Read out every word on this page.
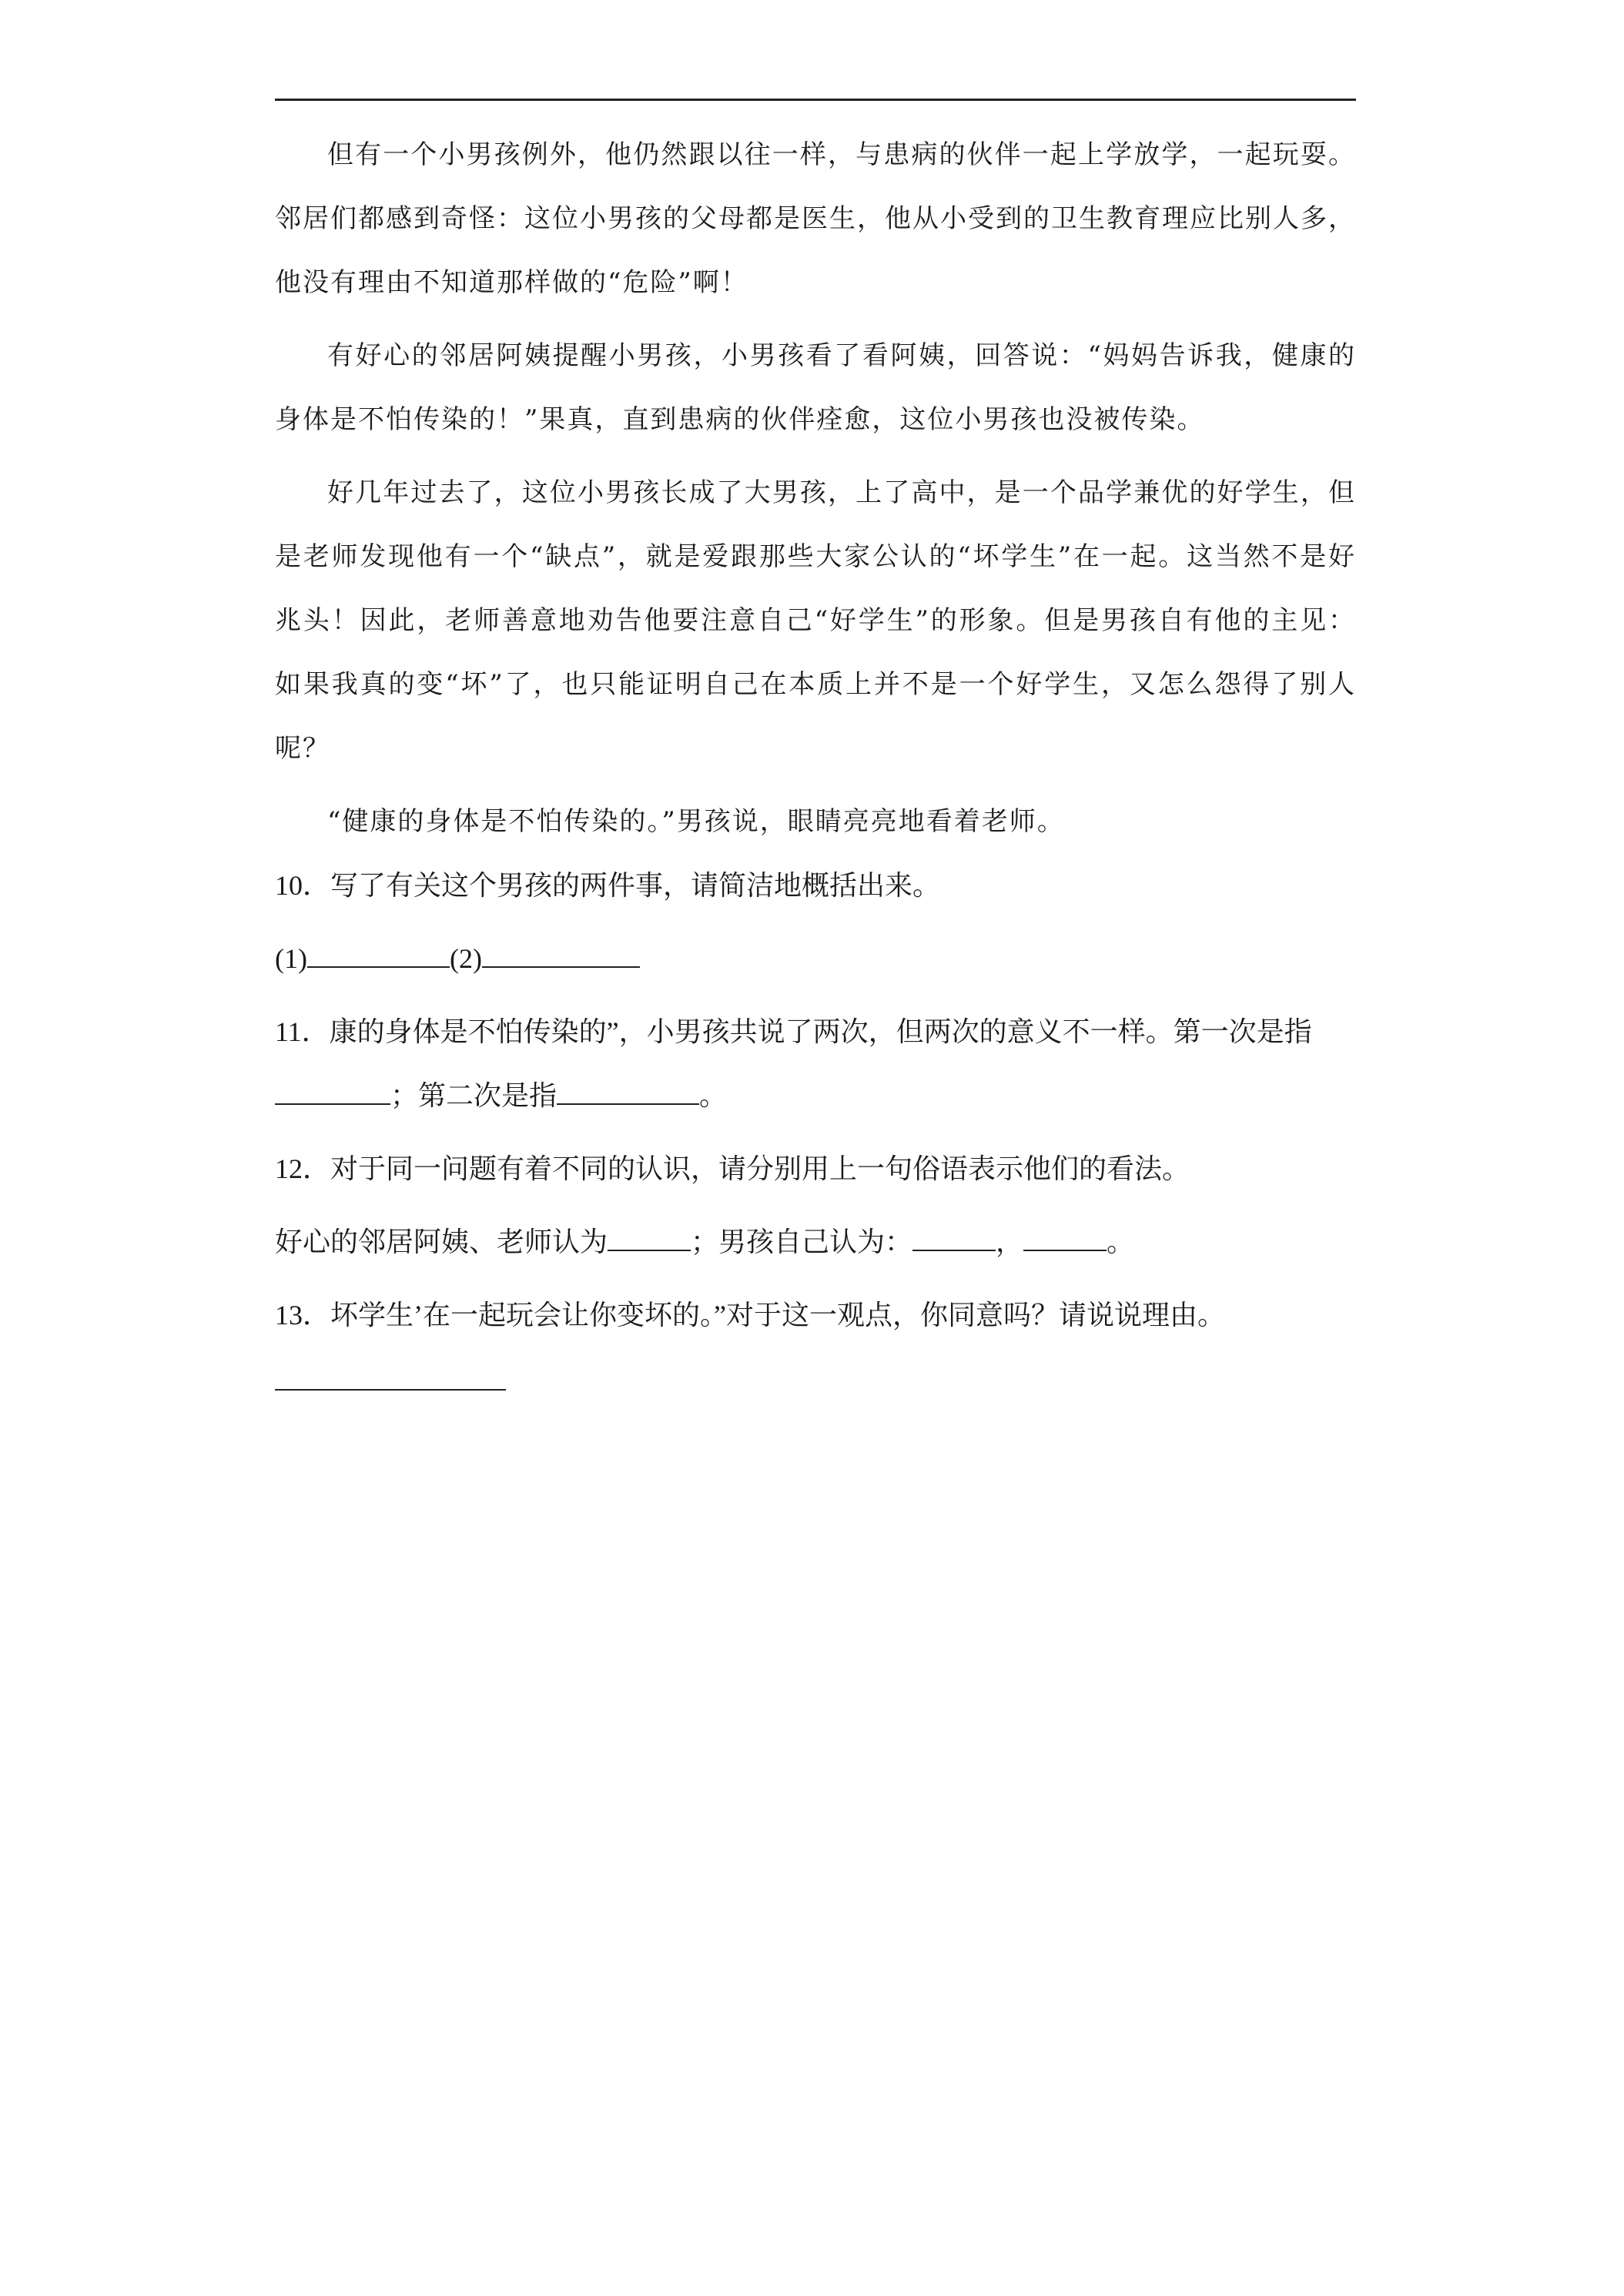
但有一个小男孩例外，他仍然跟以往一样，与患病的伙伴一起上学放学，一起玩耍。邻居们都感到奇怪：这位小男孩的父母都是医生，他从小受到的卫生教育理应比别人多，他没有理由不知道那样做的“危险”啊！

有好心的邻居阿姨提醒小男孩，小男孩看了看阿姨，回答说：“妈妈告诉我，健康的身体是不怕传染的！”果真，直到患病的伙伴痊愈，这位小男孩也没被传染。

好几年过去了，这位小男孩长成了大男孩，上了高中，是一个品学兼优的好学生，但是老师发现他有一个“缺点”，就是爱跟那些大家公认的“坏学生”在一起。这当然不是好兆头！因此，老师善意地劝告他要注意自己“好学生”的形象。但是男孩自有他的主见：如果我真的变“坏”了，也只能证明自己在本质上并不是一个好学生，又怎么怨得了别人呢？

“健康的身体是不怕传染的。”男孩说，眼睛亮亮地看着老师。

10．写了有关这个男孩的两件事，请简洁地概括出来。
(1)	(2)
11．康的身体是不怕传染的”，小男孩共说了两次，但两次的意义不一样。第一次是指
；第二次是指	。
12．对于同一问题有着不同的认识，请分别用上一句俗语表示他们的看法。
好心的邻居阿姨、老师认为	；男孩自己认为：	，	。
13．坏学生’在一起玩会让你变坏的。”对于这一观点，你同意吗？请说说理由。
